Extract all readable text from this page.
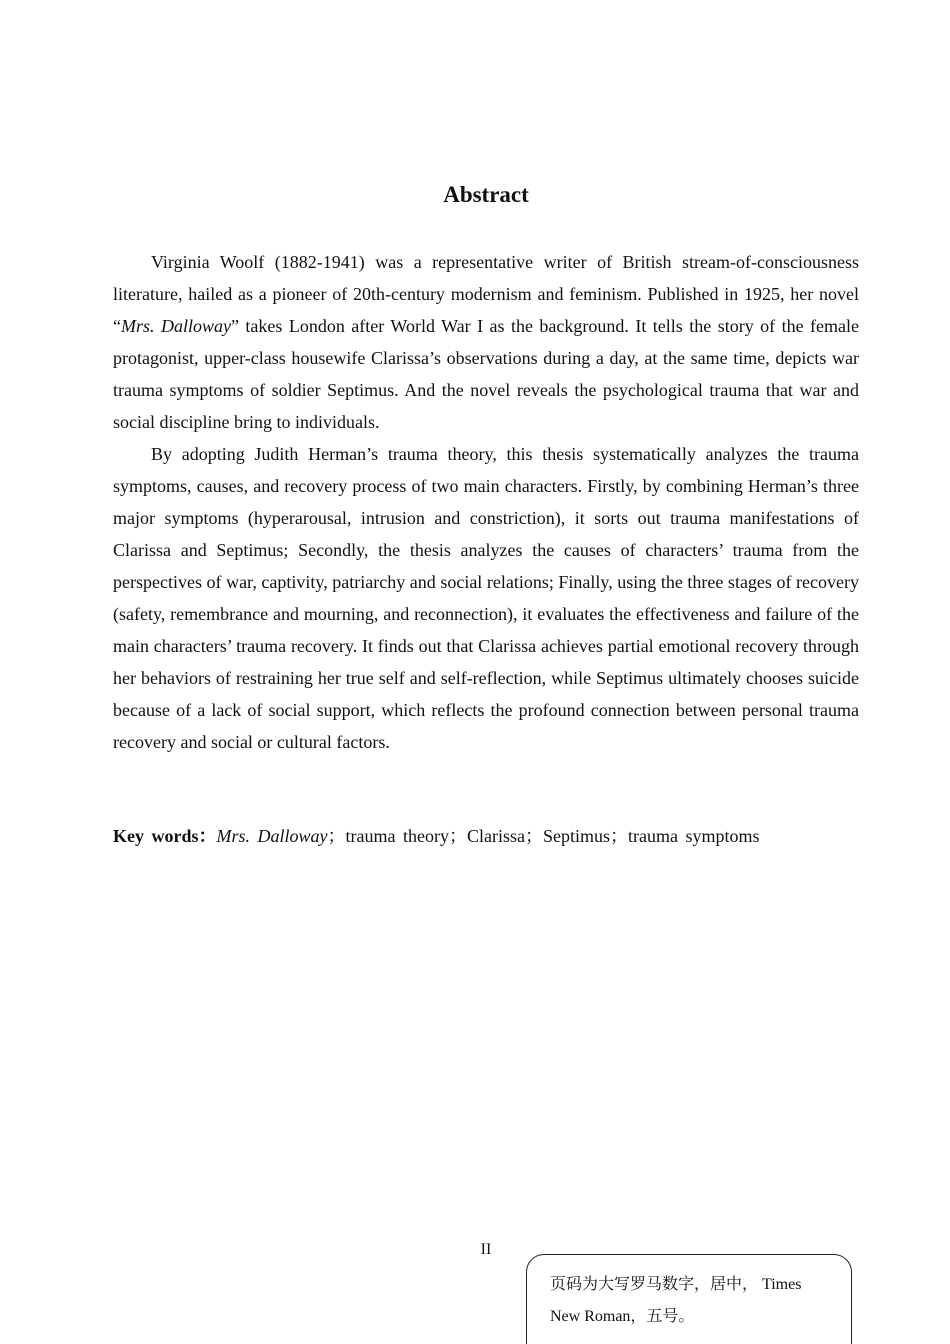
Abstract

Virginia Woolf (1882-1941) was a representative writer of British stream-of-consciousness literature, hailed as a pioneer of 20th-century modernism and feminism. Published in 1925, her novel “Mrs. Dalloway” takes London after World War I as the background. It tells the story of the female protagonist, upper-class housewife Clarissa’s observations during a day, at the same time, depicts war trauma symptoms of soldier Septimus. And the novel reveals the psychological trauma that war and social discipline bring to individuals.

By adopting Judith Herman’s trauma theory, this thesis systematically analyzes the trauma symptoms, causes, and recovery process of two main characters. Firstly, by combining Herman’s three major symptoms (hyperarousal, intrusion and constriction), it sorts out trauma manifestations of Clarissa and Septimus; Secondly, the thesis analyzes the causes of characters’ trauma from the perspectives of war, captivity, patriarchy and social relations; Finally, using the three stages of recovery (safety, remembrance and mourning, and reconnection), it evaluates the effectiveness and failure of the main characters’ trauma recovery. It finds out that Clarissa achieves partial emotional recovery through her behaviors of restraining her true self and self-reflection, while Septimus ultimately chooses suicide because of a lack of social support, which reflects the profound connection between personal trauma recovery and social or cultural factors.

Key words：Mrs. Dalloway；trauma theory；Clarissa；Septimus；trauma symptoms
II
页码为大写罗马数字，居中， Times
New Roman，五号。
